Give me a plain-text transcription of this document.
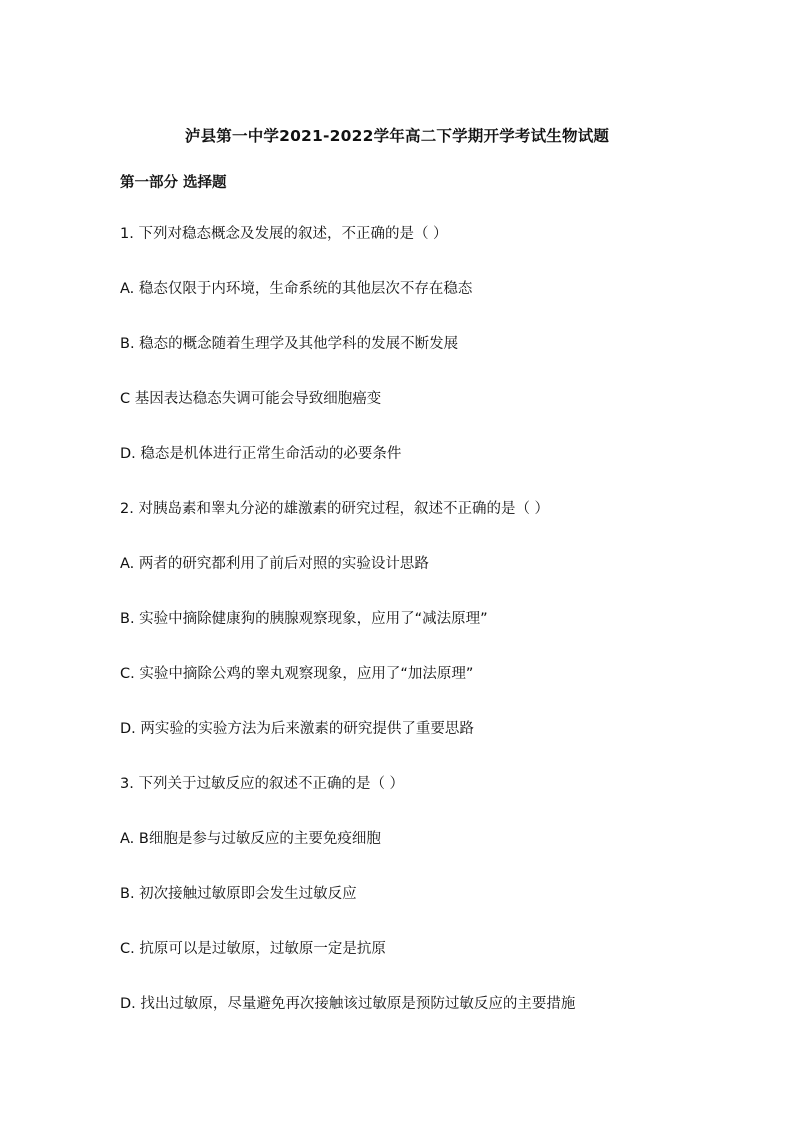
泸县第一中学2021-2022学年高二下学期开学考试生物试题
第一部分 选择题
1. 下列对稳态概念及发展的叙述，不正确的是（ ）
A. 稳态仅限于内环境，生命系统的其他层次不存在稳态
B. 稳态的概念随着生理学及其他学科的发展不断发展
C 基因表达稳态失调可能会导致细胞癌变
D. 稳态是机体进行正常生命活动的必要条件
2. 对胰岛素和睾丸分泌的雄激素的研究过程，叙述不正确的是（ ）
A. 两者的研究都利用了前后对照的实验设计思路
B. 实验中摘除健康狗的胰腺观察现象，应用了“减法原理”
C. 实验中摘除公鸡的睾丸观察现象，应用了“加法原理”
D. 两实验的实验方法为后来激素的研究提供了重要思路
3. 下列关于过敏反应的叙述不正确的是（ ）
A. B细胞是参与过敏反应的主要免疫细胞
B. 初次接触过敏原即会发生过敏反应
C. 抗原可以是过敏原，过敏原一定是抗原
D. 找出过敏原，尽量避免再次接触该过敏原是预防过敏反应的主要措施
